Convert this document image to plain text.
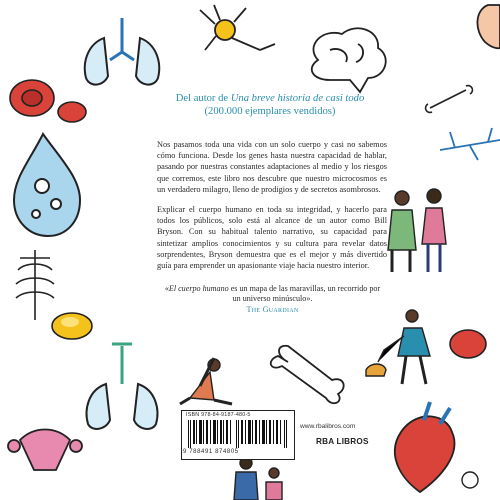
Del autor de Una breve historia de casi todo
(200.000 ejemplares vendidos)

Nos pasamos toda una vida con un solo cuerpo y casi no sabemos cómo funciona. Desde los genes hasta nuestra capacidad de hablar, pasando por nuestras constantes adaptaciones al medio y los riesgos que corremos, este libro nos descubre que nuestro microcosmos es un verdadero milagro, lleno de prodigios y de secretos asombrosos.

Explicar el cuerpo humano en toda su integridad, y hacerlo para todos los públicos, solo está al alcance de un autor como Bill Bryson. Con su habitual talento narrativo, su capacidad para sintetizar amplios conocimientos y su cultura para revelar datos sorprendentes, Bryson demuestra que es el mejor y más divertido guía para emprender un apasionante viaje hacia nuestro interior.

«El cuerpo humano es un mapa de las maravillas, un recorrido por un universo minúsculo».
The Guardian
ISBN 978-84-9187-480-5
9 788491 874805
www.rbalibros.com
RBA LIBROS
